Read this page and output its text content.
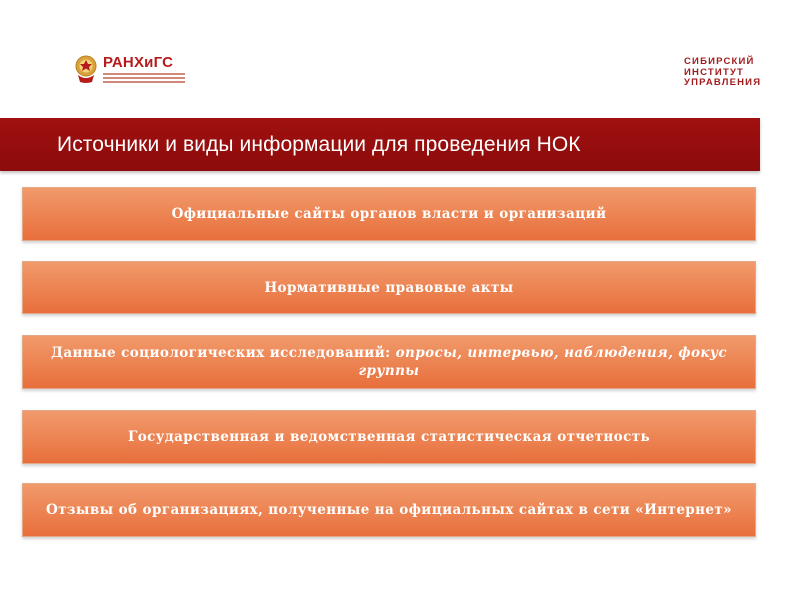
РАНХиГС	СИБИРСКИЙ
ИНСТИТУТ
УПРАВЛЕНИЯ
Источники и виды информации для проведения НОК
Официальные сайты органов власти и организаций
Нормативные правовые акты
Данные социологических исследований: опросы, интервью, наблюдения, фокус группы
Государственная и ведомственная статистическая отчетность
Отзывы об организациях, полученные на официальных сайтах в сети «Интернет»
